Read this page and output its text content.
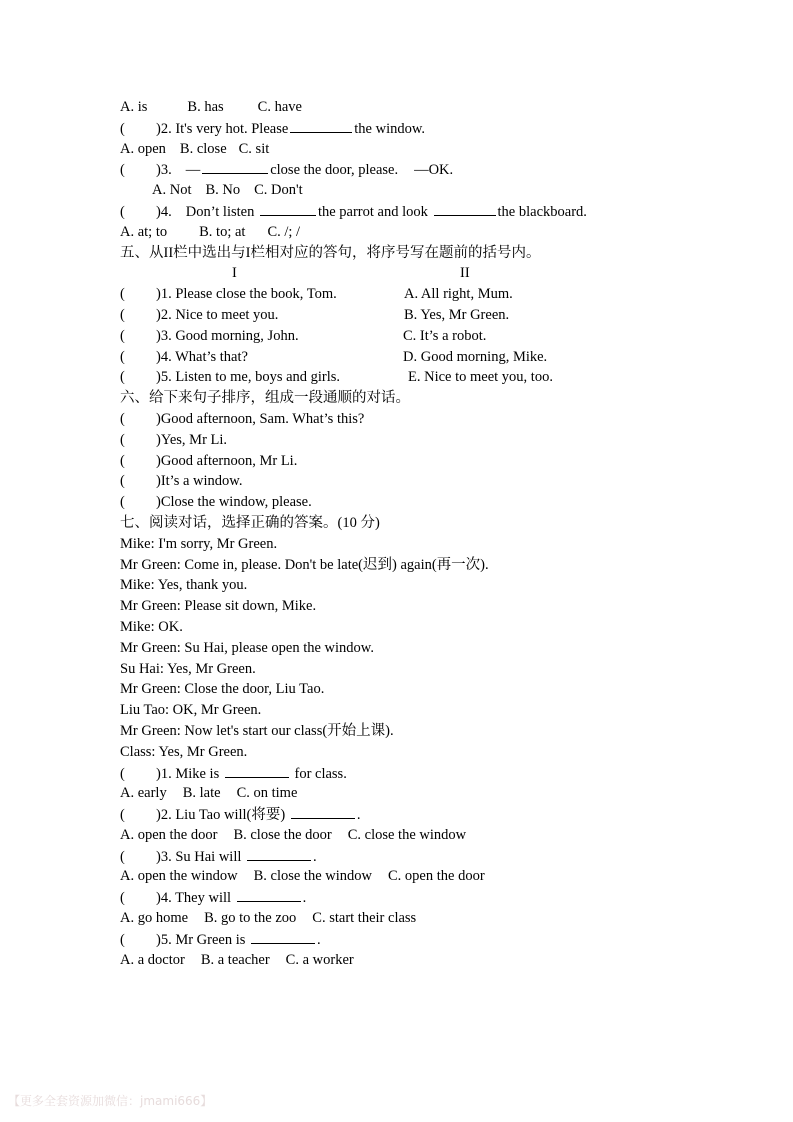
A. is	B. has C. have
( )2. It's very hot. Please	the window.
A. open B. close C. sit
( )3. —	close the door, please. —OK.
A. Not B. No C. Don't
( )4. Don’t listen	the parrot and look	the blackboard.
A. at; to B. to; at C. /; /
五、从II栏中选出与I栏相对应的答句，将序号写在题前的括号内。
I	II
( )1. Please close the book, Tom.	A. All right, Mum.
( )2. Nice to meet you.	B. Yes, Mr Green.
( )3. Good morning, John.	C. It’s a robot.
( )4. What’s that?	D. Good morning, Mike.
( )5. Listen to me, boys and girls.	E. Nice to meet you, too.
六、给下来句子排序，组成一段通顺的对话。
( )Good afternoon, Sam. What’s this?
( )Yes, Mr Li.
( )Good afternoon, Mr Li.
( )It’s a window.
( )Close the window, please.
七、阅读对话，选择正确的答案。(10 分)
Mike: I'm sorry, Mr Green.
Mr Green: Come in, please. Don't be late(迟到) again(再一次).
Mike: Yes, thank you.
Mr Green: Please sit down, Mike.
Mike: OK.
Mr Green: Su Hai, please open the window.
Su Hai: Yes, Mr Green.
Mr Green: Close the door, Liu Tao.
Liu Tao: OK, Mr Green.
Mr Green: Now let's start our class(开始上课).
Class: Yes, Mr Green.
( )1. Mike is	for class.
A. early B. late C. on time
( )2. Liu Tao will(将要)	.
A. open the door B. close the door C. close the window
( )3. Su Hai will	.
A. open the window B. close the window C. open the door
( )4. They will	.
A. go home B. go to the zoo C. start their class
( )5. Mr Green is	.
A. a doctor B. a teacher C. a worker
【更多全套资源加微信：jmami666】
